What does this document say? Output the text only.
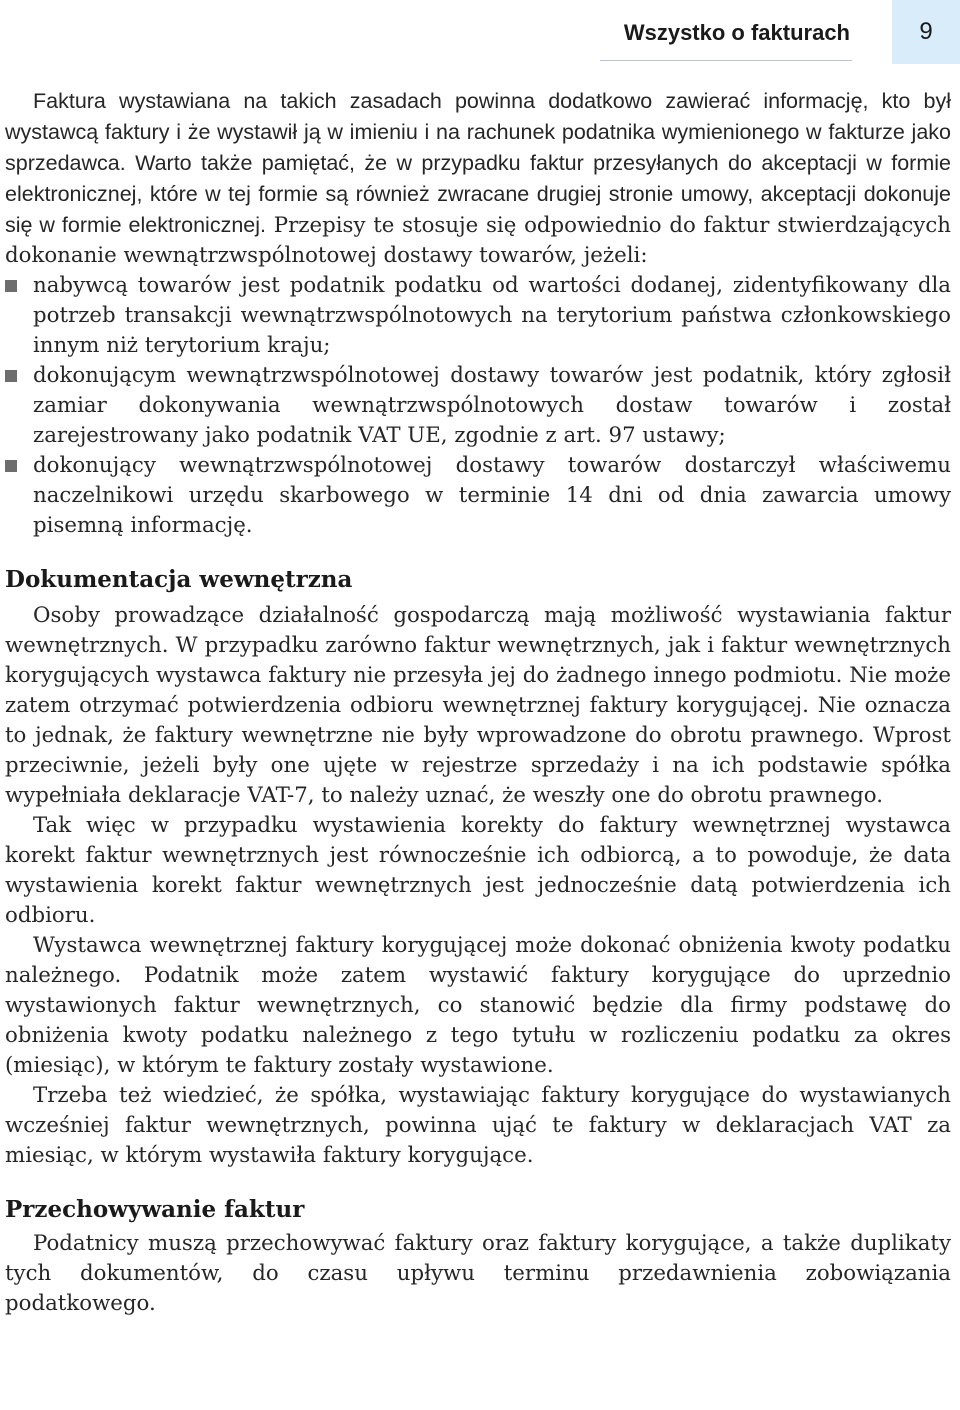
Wszystko o fakturach	9

Faktura wystawiana na takich zasadach powinna dodatkowo zawierać informację, kto był wystawcą faktury i że wystawił ją w imieniu i na rachunek podatnika wymienionego w fakturze jako sprzedawca. Warto także pamiętać, że w przypadku faktur przesyłanych do akceptacji w formie elektronicznej, które w tej formie są również zwracane drugiej stronie umowy, akceptacji dokonuje się w formie elektronicznej. Przepisy te stosuje się odpowiednio do faktur stwierdzających dokonanie wewnątrzwspólnotowej dostawy towarów, jeżeli:

nabywcą towarów jest podatnik podatku od wartości dodanej, zidentyfikowany dla potrzeb transakcji wewnątrzwspólnotowych na terytorium państwa członkowskiego innym niż terytorium kraju;
dokonującym wewnątrzwspólnotowej dostawy towarów jest podatnik, który zgłosił zamiar dokonywania wewnątrzwspólnotowych dostaw towarów i został zarejestrowany jako podatnik VAT UE, zgodnie z art. 97 ustawy;
dokonujący wewnątrzwspólnotowej dostawy towarów dostarczył właściwemu naczelnikowi urzędu skarbowego w terminie 14 dni od dnia zawarcia umowy pisemną informację.
Dokumentacja wewnętrzna

Osoby prowadzące działalność gospodarczą mają możliwość wystawiania faktur wewnętrznych. W przypadku zarówno faktur wewnętrznych, jak i faktur wewnętrznych korygujących wystawca faktury nie przesyła jej do żadnego innego podmiotu. Nie może zatem otrzymać potwierdzenia odbioru wewnętrznej faktury korygującej. Nie oznacza to jednak, że faktury wewnętrzne nie były wprowadzone do obrotu prawnego. Wprost przeciwnie, jeżeli były one ujęte w rejestrze sprzedaży i na ich podstawie spółka wypełniała deklaracje VAT-7, to należy uznać, że weszły one do obrotu prawnego.

Tak więc w przypadku wystawienia korekty do faktury wewnętrznej wystawca korekt faktur wewnętrznych jest równocześnie ich odbiorcą, a to powoduje, że data wystawienia korekt faktur wewnętrznych jest jednocześnie datą potwierdzenia ich odbioru.

Wystawca wewnętrznej faktury korygującej może dokonać obniżenia kwoty podatku należnego. Podatnik może zatem wystawić faktury korygujące do uprzednio wystawionych faktur wewnętrznych, co stanowić będzie dla firmy podstawę do obniżenia kwoty podatku należnego z tego tytułu w rozliczeniu podatku za okres (miesiąc), w którym te faktury zostały wystawione.

Trzeba też wiedzieć, że spółka, wystawiając faktury korygujące do wystawianych wcześniej faktur wewnętrznych, powinna ująć te faktury w deklaracjach VAT za miesiąc, w którym wystawiła faktury korygujące.

Przechowywanie faktur

Podatnicy muszą przechowywać faktury oraz faktury korygujące, a także duplikaty tych dokumentów, do czasu upływu terminu przedawnienia zobowiązania podatkowego.
